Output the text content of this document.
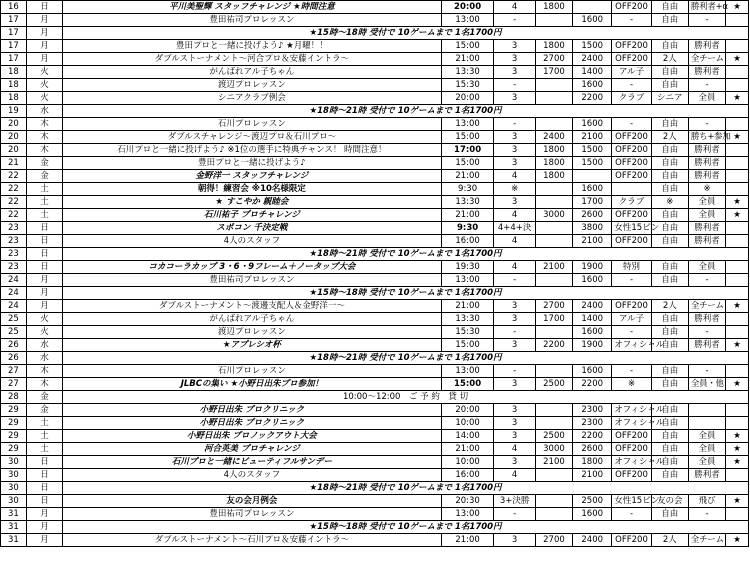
16	日	平川美聖輝 スタッフチャレンジ ★時間注意	20:00	4	1800		OFF200	自由	勝利者+α	★
17	月	豊田祐司プロレッスン	13:00	-		1600	-	自由	-	
17	月	★15時～18時 受付で 10ゲームまで 1名1700円								
17	月	豊田プロと一緒に投げよう♪ ★月曜！！	15:00	3	1800	1500	OFF200	自由	勝利者	
17	月	ダブルストーナメント～河合プロ＆安藤イントラ～	21:00	3	2700	2400	OFF200	2人	全チーム	★
18	火	がんばれアル子ちゃん	13:30	3	1700	1400	アル子	自由	勝利者	
18	火	渡辺プロレッスン	15:30	-		1600	-	自由	-	
18	火	シニアクラブ例会	20:00	3		2200	クラブ	シニア	全員	★
19	水	★18時～21時 受付で 10ゲームまで 1名1700円								
20	木	石川プロレッスン	13:00	-		1600	-	自由	-	
20	木	ダブルスチャレンジ～渡辺プロ＆石川プロ～	15:00	3	2400	2100	OFF200	2人	勝ち+参加	★
20	木	石川プロと一緒に投げよう♪ ※1位の選手に特典チャンス！ 時間注意！	17:00	3	1800	1500	OFF200	自由	勝利者	
21	金	豊田プロと一緒に投げよう♪	15:00	3	1800	1500	OFF200	自由	勝利者	
22	金	金野洋一 スタッフチャレンジ	21:00	4	1800		OFF200	自由	勝利者	
22	土	朝得！練習会 ※10名様限定	9:30	※		1600		自由	※	
22	土	★ すこやか 親睦会	13:30	3		1700	クラブ	※	全員	★
22	土	石川祐子 プロチャレンジ	21:00	4	3000	2600	OFF200	自由	全員	★
23	日	スポコン 千決定戦	9:30	4+4+決		3800	女性15ピン	自由	勝利者	
23	日	4人のスタッフ	16:00	4		2100	OFF200	自由	勝利者	
23	日	★18時～21時 受付で 10ゲームまで 1名1700円								
23	日	コカコーラカップ 3・6・9フレーム＋ノータップ大会	19:30	4	2100	1900	特別	自由	全員	
24	月	豊田祐司プロレッスン	13:00	-		1600	-	自由	-	
24	月	★15時～18時 受付で 10ゲームまで 1名1700円								
24	月	ダブルストーナメント～渡邊支配人＆金野洋一～	21:00	3	2700	2400	OFF200	2人	全チーム	★
25	火	がんばれアル子ちゃん	13:30	3	1700	1400	アル子	自由	勝利者	
25	火	渡辺プロレッスン	15:30	-		1600	-	自由	-	
26	水	★アプレシオ杯	15:00	3	2200	1900	オフィシャル	自由	勝利者	★
26	水	★18時～21時 受付で 10ゲームまで 1名1700円								
27	木	石川プロレッスン	13:00	-		1600	-	自由	-	
27	木	JLBCの集い ★小野日出朱プロ参加！	15:00	3	2500	2200	※	自由	全員・他	★
28	金	10:00～12:00　ご 予 約　貸 切								
29	金	小野日出朱 プロクリニック	20:00	3		2300	オフィシャル	自由		
29	土	小野日出朱 プロクリニック	10:00	3		2300	オフィシャル	自由		
29	土	小野日出朱 プロノックアウト大会	14:00	3	2500	2200	OFF200	自由	全員	★
29	土	河合英美 プロチャレンジ	21:00	4	3000	2600	OFF200	自由	全員	★
30	日	石川プロと一緒にビューティフルサンデー	10:00	3	2100	1800	オフィシャル	自由	全員	★
30	日	4人のスタッフ	16:00	4		2100	OFF200	自由	勝利者	
30	日	★18時～21時 受付で 10ゲームまで 1名1700円								
30	日	友の会月例会	20:30	3+決勝		2500	女性15ピン	友の会	飛び	★
31	月	豊田祐司プロレッスン	13:00	-		1600	-	自由	-	
31	月	★15時～18時 受付で 10ゲームまで 1名1700円								
31	月	ダブルストーナメント～石川プロ＆安藤イントラ～	21:00	3	2700	2400	OFF200	2人	全チーム	★
